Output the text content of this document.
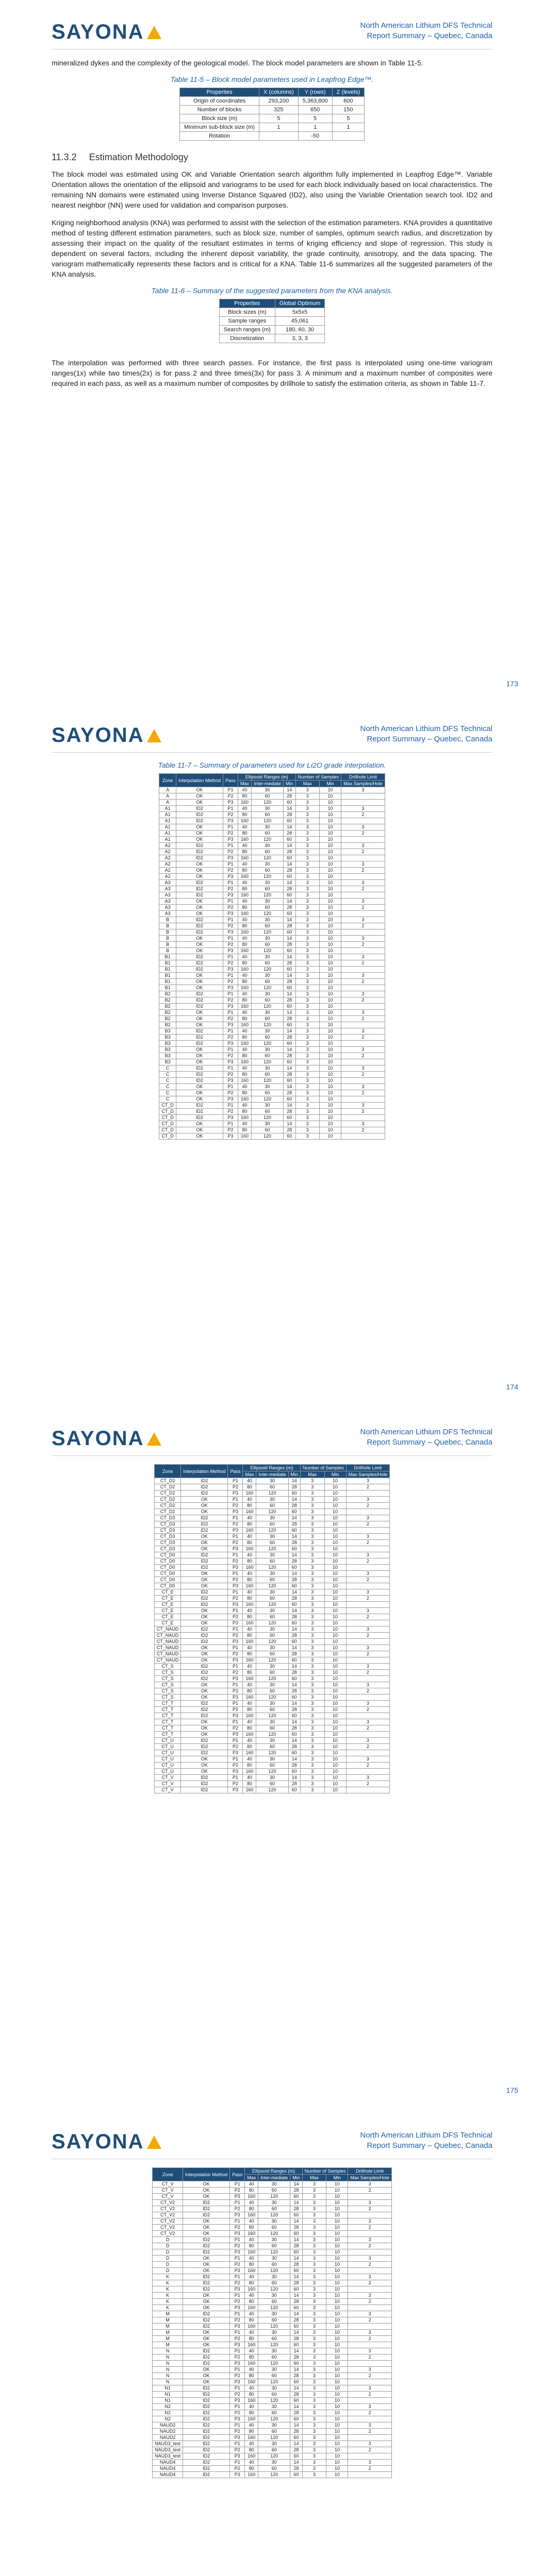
SAYONA	North American Lithium DFS Technical
Report Summary – Quebec, Canada

mineralized dykes and the complexity of the geological model. The block model parameters are shown in Table 11-5.

Table 11-5 – Block model parameters used in Leapfrog Edge™.
Properties	X (columns)	Y (rows)	Z (levels)
Origin of coordinates	293,200	5,363,800	600
Number of blocks	325	650	150
Block size (m)	5	5	5
Minimum sub-block size (m)	1	1	1
Rotation		-50	
11.3.2 Estimation Methodology

The block model was estimated using OK and Variable Orientation search algorithm fully implemented in Leapfrog Edge™. Variable Orientation allows the orientation of the ellipsoid and variograms to be used for each block individually based on local characteristics. The remaining NN domains were estimated using Inverse Distance Squared (ID2), also using the Variable Orientation search tool. ID2 and nearest neighbor (NN) were used for validation and comparison purposes.

Kriging neighborhood analysis (KNA) was performed to assist with the selection of the estimation parameters. KNA provides a quantitative method of testing different estimation parameters, such as block size, number of samples, optimum search radius, and discretization by assessing their impact on the quality of the resultant estimates in terms of kriging efficiency and slope of regression. This study is dependent on several factors, including the inherent deposit variability, the grade continuity, anisotropy, and the data spacing. The variogram mathematically represents these factors and is critical for a KNA. Table 11-6 summarizes all the suggested parameters of the KNA analysis.

Table 11-6 – Summary of the suggested parameters from the KNA analysis.
Properties	Global Optimum
Block sizes (m)	5x5x5
Sample ranges	45,061
Search ranges (m)	180, 60, 30
Discretization	3, 3, 3

The interpolation was performed with three search passes. For instance, the first pass is interpolated using one-time variogram ranges(1x) while two times(2x) is for pass 2 and three times(3x) for pass 3. A minimum and a maximum number of composites were required in each pass, as well as a maximum number of composites by drillhole to satisfy the estimation criteria, as shown in Table 11-7.

173
SAYONA	North American Lithium DFS Technical
Report Summary – Quebec, Canada
Table 11-7 – Summary of parameters used for Li2O grade interpolation.
Zone	Interpolation Method	Pass	Ellipsoid Ranges (m)			Number of Samples		Drillhole Limit
			Max	Inter-mediate	Min	Max	Min	Max Samples/Hole
A	OK	P1	40	30	14	3	10	3
A	OK	P2	80	60	28	3	10	
A	OK	P3	160	120	60	3	10	
A1	ID2	P1	40	30	14	3	10	3
A1	ID2	P2	80	60	28	3	10	2
A1	ID2	P3	160	120	60	3	10	
A1	OK	P1	40	30	14	3	10	3
A1	OK	P2	80	60	28	3	10	2
A1	OK	P3	160	120	60	3	10	
A2	ID2	P1	40	30	14	3	10	3
A2	ID2	P2	80	60	28	3	10	2
A2	ID2	P3	160	120	60	3	10	
A2	OK	P1	40	30	14	3	10	3
A2	OK	P2	80	60	28	3	10	2
A2	OK	P3	160	120	60	3	10	
A3	ID2	P1	40	30	14	3	10	3
A3	ID2	P2	80	60	28	3	10	2
A3	ID2	P3	160	120	60	3	10	
A3	OK	P1	40	30	14	3	10	3
A3	OK	P2	80	60	28	3	10	2
A3	OK	P3	160	120	60	3	10	
B	ID2	P1	40	30	14	3	10	3
B	ID2	P2	80	60	28	3	10	2
B	ID2	P3	160	120	60	3	10	
B	OK	P1	40	30	14	3	10	3
B	OK	P2	80	60	28	3	10	2
B	OK	P3	160	120	60	3	10	
B1	ID2	P1	40	30	14	3	10	3
B1	ID2	P2	80	60	28	3	10	2
B1	ID2	P3	160	120	60	3	10	
B1	OK	P1	40	30	14	3	10	3
B1	OK	P2	80	60	28	3	10	2
B1	OK	P3	160	120	60	3	10	
B2	ID2	P1	40	30	14	3	10	3
B2	ID2	P2	80	60	28	3	10	2
B2	ID2	P3	160	120	60	3	10	
B2	OK	P1	40	30	14	3	10	3
B2	OK	P2	80	60	28	3	10	2
B2	OK	P3	160	120	60	3	10	
B3	ID2	P1	40	30	14	3	10	3
B3	ID2	P2	80	60	28	3	10	2
B3	ID2	P3	160	120	60	3	10	
B3	OK	P1	40	30	14	3	10	3
B3	OK	P2	80	60	28	3	10	2
B3	OK	P3	160	120	60	3	10	
C	ID2	P1	40	30	14	3	10	3
C	ID2	P2	80	60	28	3	10	2
C	ID2	P3	160	120	60	3	10	
C	OK	P1	40	30	14	3	10	3
C	OK	P2	80	60	28	3	10	2
C	OK	P3	160	120	60	3	10	
CT_D	ID2	P1	40	30	14	3	10	3
CT_D	ID2	P2	80	60	28	3	10	2
CT_D	ID2	P3	160	120	60	3	10	
CT_D	OK	P1	40	30	14	3	10	3
CT_D	OK	P2	80	60	28	3	10	2
CT_D	OK	P3	160	120	60	3	10	
174
SAYONA	North American Lithium DFS Technical
Report Summary – Quebec, Canada
Zone	Interpolation Method	Pass	Ellipsoid Ranges (m)			Number of Samples		Drillhole Limit
			Max	Inter-mediate	Min	Max	Min	Max Samples/Hole
CT_D2	ID2	P1	40	30	14	3	10	3
CT_D2	ID2	P2	80	60	28	3	10	2
CT_D2	ID2	P3	160	120	60	3	10	
CT_D2	OK	P1	40	30	14	3	10	3
CT_D2	OK	P2	80	60	28	3	10	2
CT_D2	OK	P3	160	120	60	3	10	
CT_D3	ID2	P1	40	30	14	3	10	3
CT_D3	ID2	P2	80	60	28	3	10	2
CT_D3	ID2	P3	160	120	60	3	10	
CT_D3	OK	P1	40	30	14	3	10	3
CT_D3	OK	P2	80	60	28	3	10	2
CT_D3	OK	P3	160	120	60	3	10	
CT_D0	ID2	P1	40	30	14	3	10	3
CT_D0	ID2	P2	80	60	28	3	10	2
CT_D0	ID2	P3	160	120	60	3	10	
CT_D0	OK	P1	40	30	14	3	10	3
CT_D0	OK	P2	80	60	28	3	10	2
CT_D0	OK	P3	160	120	60	3	10	
CT_E	ID2	P1	40	30	14	3	10	3
CT_E	ID2	P2	80	60	28	3	10	2
CT_E	ID2	P3	160	120	60	3	10	
CT_E	OK	P1	40	30	14	3	10	3
CT_E	OK	P2	80	60	28	3	10	2
CT_E	OK	P3	160	120	60	3	10	
CT_NAUD	ID2	P1	40	30	14	3	10	3
CT_NAUD	ID2	P2	80	60	28	3	10	2
CT_NAUD	ID2	P3	160	120	60	3	10	
CT_NAUD	OK	P1	40	30	14	3	10	3
CT_NAUD	OK	P2	80	60	28	3	10	2
CT_NAUD	OK	P3	160	120	60	3	10	
CT_S	ID2	P1	40	30	14	3	10	3
CT_S	ID2	P2	80	60	28	3	10	2
CT_S	ID2	P3	160	120	60	3	10	
CT_S	OK	P1	40	30	14	3	10	3
CT_S	OK	P2	80	60	28	3	10	2
CT_S	OK	P3	160	120	60	3	10	
CT_T	ID2	P1	40	30	14	3	10	3
CT_T	ID2	P2	80	60	28	3	10	2
CT_T	ID2	P3	160	120	60	3	10	
CT_T	OK	P1	40	30	14	3	10	3
CT_T	OK	P2	80	60	28	3	10	2
CT_T	OK	P3	160	120	60	3	10	
CT_U	ID2	P1	40	30	14	3	10	3
CT_U	ID2	P2	80	60	28	3	10	2
CT_U	ID2	P3	160	120	60	3	10	
CT_U	OK	P1	40	30	14	3	10	3
CT_U	OK	P2	80	60	28	3	10	2
CT_U	OK	P3	160	120	60	3	10	
CT_V	ID2	P1	40	30	14	3	10	3
CT_V	ID2	P2	80	60	28	3	10	2
CT_V	ID2	P3	160	120	60	3	10	
175
SAYONA	North American Lithium DFS Technical
Report Summary – Quebec, Canada
Zone	Interpolation Method	Pass	Ellipsoid Ranges (m)			Number of Samples		Drillhole Limit
			Max	Inter-mediate	Min	Max	Min	Max Samples/Hole
CT_V	OK	P1	40	30	14	3	10	3
CT_V	OK	P2	80	60	28	3	10	2
CT_V	OK	P3	160	120	60	3	10	
CT_V2	ID2	P1	40	30	14	3	10	3
CT_V2	ID2	P2	80	60	28	3	10	2
CT_V2	ID2	P3	160	120	60	3	10	
CT_V2	OK	P1	40	30	14	3	10	3
CT_V2	OK	P2	80	60	28	3	10	2
CT_V2	OK	P3	160	120	60	3	10	
D	ID2	P1	40	30	14	3	10	3
D	ID2	P2	80	60	28	3	10	2
D	ID2	P3	160	120	60	3	10	
D	OK	P1	40	30	14	3	10	3
D	OK	P2	80	60	28	3	10	2
D	OK	P3	160	120	60	3	10	
K	ID2	P1	40	30	14	3	10	3
K	ID2	P2	80	60	28	3	10	2
K	ID2	P3	160	120	60	3	10	
K	OK	P1	40	30	14	3	10	3
K	OK	P2	80	60	28	3	10	2
K	OK	P3	160	120	60	3	10	
M	ID2	P1	40	30	14	3	10	3
M	ID2	P2	80	60	28	3	10	2
M	ID2	P3	160	120	60	3	10	
M	OK	P1	40	30	14	3	10	3
M	OK	P2	80	60	28	3	10	2
M	OK	P3	160	120	60	3	10	
N	ID2	P1	40	30	14	3	10	3
N	ID2	P2	80	60	28	3	10	2
N	ID2	P3	160	120	60	3	10	
N	OK	P1	40	30	14	3	10	3
N	OK	P2	80	60	28	3	10	2
N	OK	P3	160	120	60	3	10	
N1	ID2	P1	40	30	14	3	10	3
N1	ID2	P2	80	60	28	3	10	2
N1	ID2	P3	160	120	60	3	10	
N2	ID2	P1	40	30	14	3	10	3
N2	ID2	P2	80	60	28	3	10	2
N2	ID2	P3	160	120	60	3	10	
NAUD2	ID2	P1	40	30	14	3	10	3
NAUD2	ID2	P2	80	60	28	3	10	2
NAUD2	ID2	P3	160	120	60	3	10	
NAUD3_test	ID2	P1	40	30	14	3	10	3
NAUD3_test	ID2	P2	80	60	28	3	10	2
NAUD3_test	ID2	P3	160	120	60	3	10	
NAUD4	ID2	P1	40	30	14	3	10	3
NAUD4	ID2	P2	80	60	28	3	10	2
NAUD4	ID2	P3	160	120	60	3	10	
